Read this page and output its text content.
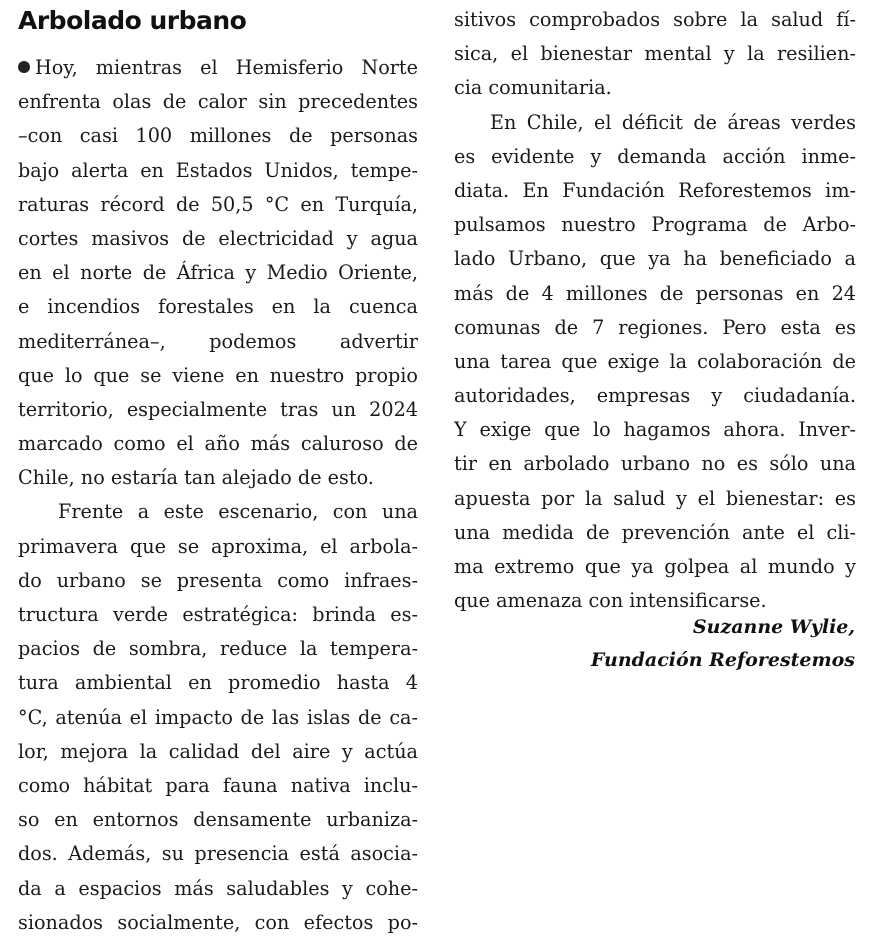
Arbolado urbano
Hoy, mientras el Hemisferio Norte
enfrenta olas de calor sin precedentes
–con casi 100 millones de personas
bajo alerta en Estados Unidos, tempe-
raturas récord de 50,5 °C en Turquía,
cortes masivos de electricidad y agua
en el norte de África y Medio Oriente,
e incendios forestales en la cuenca
mediterránea–, podemos advertir
que lo que se viene en nuestro propio
territorio, especialmente tras un 2024
marcado como el año más caluroso de
Chile, no estaría tan alejado de esto.
Frente a este escenario, con una
primavera que se aproxima, el arbola-
do urbano se presenta como infraes-
tructura verde estratégica: brinda es-
pacios de sombra, reduce la tempera-
tura ambiental en promedio hasta 4
°C, atenúa el impacto de las islas de ca-
lor, mejora la calidad del aire y actúa
como hábitat para fauna nativa inclu-
so en entornos densamente urbaniza-
dos. Además, su presencia está asocia-
da a espacios más saludables y cohe-
sionados socialmente, con efectos po-
sitivos comprobados sobre la salud fí-
sica, el bienestar mental y la resilien-
cia comunitaria.
En Chile, el déficit de áreas verdes
es evidente y demanda acción inme-
diata. En Fundación Reforestemos im-
pulsamos nuestro Programa de Arbo-
lado Urbano, que ya ha beneficiado a
más de 4 millones de personas en 24
comunas de 7 regiones. Pero esta es
una tarea que exige la colaboración de
autoridades, empresas y ciudadanía.
Y exige que lo hagamos ahora. Inver-
tir en arbolado urbano no es sólo una
apuesta por la salud y el bienestar: es
una medida de prevención ante el cli-
ma extremo que ya golpea al mundo y
que amenaza con intensificarse.
Suzanne Wylie,
Fundación Reforestemos
